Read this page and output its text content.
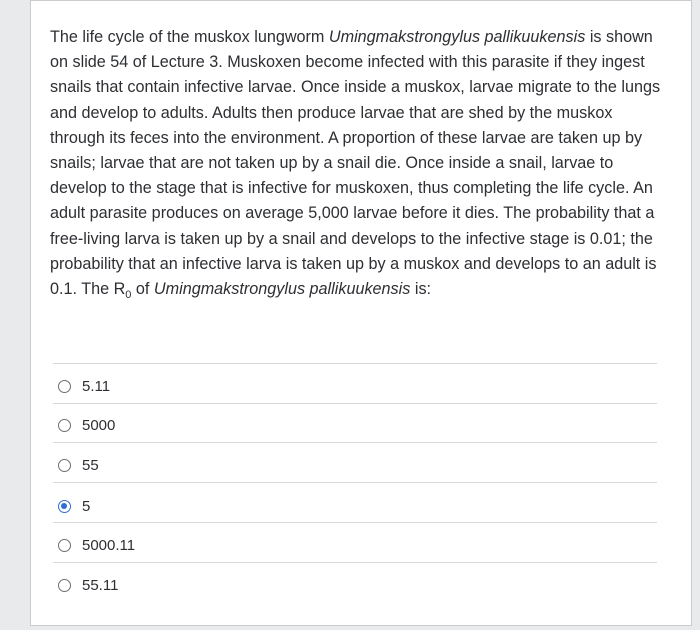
The life cycle of the muskox lungworm Umingmakstrongylus pallikuukensis is shown on slide 54 of Lecture 3. Muskoxen become infected with this parasite if they ingest snails that contain infective larvae. Once inside a muskox, larvae migrate to the lungs and develop to adults. Adults then produce larvae that are shed by the muskox through its feces into the environment. A proportion of these larvae are taken up by snails; larvae that are not taken up by a snail die. Once inside a snail, larvae to develop to the stage that is infective for muskoxen, thus completing the life cycle. An adult parasite produces on average 5,000 larvae before it dies. The probability that a free-living larva is taken up by a snail and develops to the infective stage is 0.01; the probability that an infective larva is taken up by a muskox and develops to an adult is 0.1. The $R_0$ of Umingmakstrongylus pallikuukensis is:
5.11
5000
55
5
5000.11
55.11
